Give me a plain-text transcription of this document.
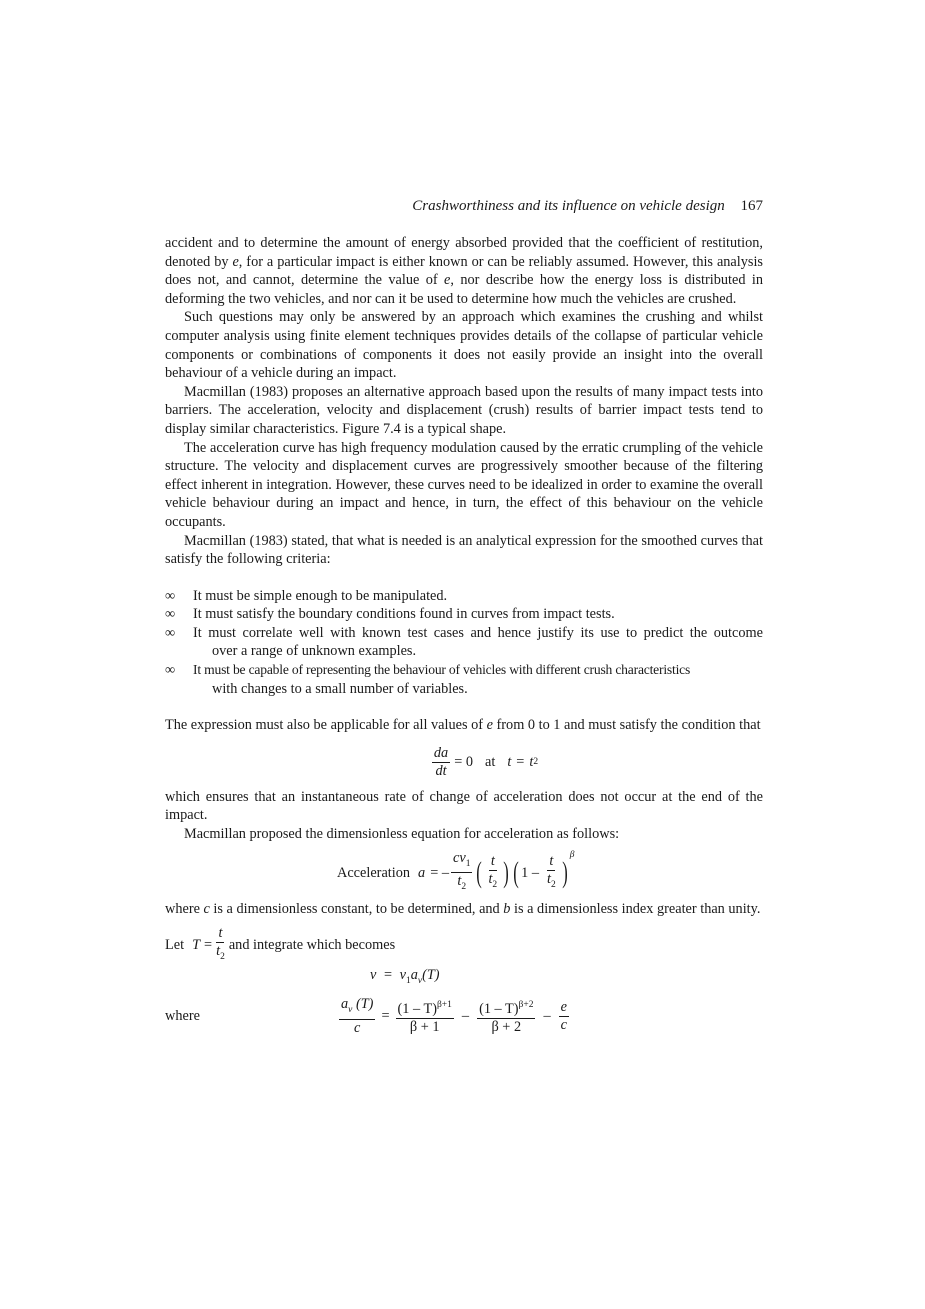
Crashworthiness and its influence on vehicle design 167

accident and to determine the amount of energy absorbed provided that the coefficient of restitution, denoted by e, for a particular impact is either known or can be reliably assumed. However, this analysis does not, and cannot, determine the value of e, nor describe how the energy loss is distributed in deforming the two vehicles, and nor can it be used to determine how much the vehicles are crushed.

Such questions may only be answered by an approach which examines the crushing and whilst computer analysis using finite element techniques provides details of the collapse of particular vehicle components or combinations of components it does not easily provide an insight into the overall behaviour of a vehicle during an impact.

Macmillan (1983) proposes an alternative approach based upon the results of many impact tests into barriers. The acceleration, velocity and displacement (crush) results of barrier impact tests tend to display similar characteristics. Figure 7.4 is a typical shape.

The acceleration curve has high frequency modulation caused by the erratic crumpling of the vehicle structure. The velocity and displacement curves are progressively smoother because of the filtering effect inherent in integration. However, these curves need to be idealized in order to examine the overall vehicle behaviour during an impact and hence, in turn, the effect of this behaviour on the vehicle occupants.

Macmillan (1983) stated, that what is needed is an analytical expression for the smoothed curves that satisfy the following criteria:

∞ It must be simple enough to be manipulated.
∞ It must satisfy the boundary conditions found in curves from impact tests.
∞ It must correlate well with known test cases and hence justify its use to predict the outcome
over a range of unknown examples.
∞ It must be capable of representing the behaviour of vehicles with different crush characteristics
with changes to a small number of variables.

The expression must also be applicable for all values of e from 0 to 1 and must satisfy the condition that

$\frac{da}{dt} = 0$ at t = t 2

which ensures that an instantaneous rate of change of acceleration does not occur at the end of the impact.

Macmillan proposed the dimensionless equation for acceleration as follows:

Acceleration a = – $\frac{cv_1}{t_2}$ ( $\frac{t}{t_2}$ ) ( $1 - \frac{t}{t_2}$ )
$^\beta$

where c is a dimensionless constant, to be determined, and b is a dimensionless index greater than unity.

Let $T = \frac{t}{t_2}$ and integrate which becomes
$v = v_1a_v(T)$
where	$\frac{a_v (T)}{c} = \frac{(1 - T)^{\beta+1}}{\beta + 1} - \frac{(1 - T)^{\beta+2}}{\beta + 2} - \frac{e}{c}$
